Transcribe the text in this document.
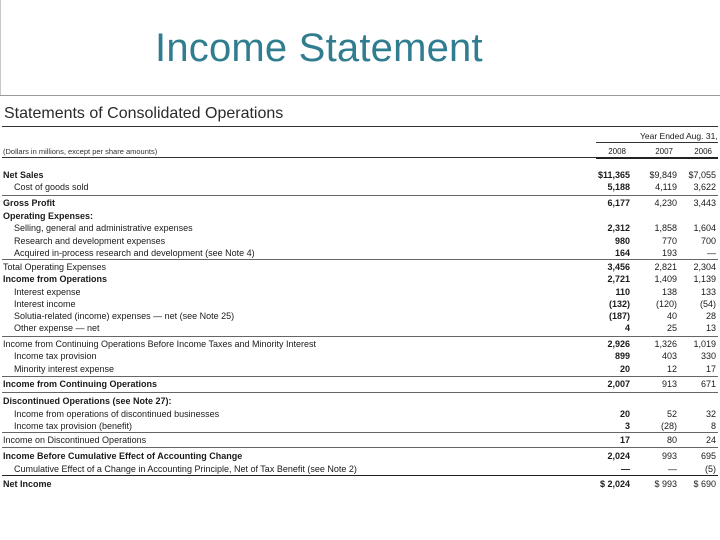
Income Statement
Statements of Consolidated Operations
Year Ended Aug. 31,
(Dollars in millions, except per share amounts)	2008	2007	2006
Net Sales	$11,365	$9,849	$7,055
Cost of goods sold	5,188	4,119	3,622
Gross Profit	6,177	4,230	3,443
Operating Expenses:
Selling, general and administrative expenses	2,312	1,858	1,604
Research and development expenses	980	770	700
Acquired in-process research and development (see Note 4)	164	193	—
Total Operating Expenses	3,456	2,821	2,304
Income from Operations	2,721	1,409	1,139
Interest expense	110	138	133
Interest income	(132)	(120)	(54)
Solutia-related (income) expenses — net (see Note 25)	(187)	40	28
Other expense — net	4	25	13
Income from Continuing Operations Before Income Taxes and Minority Interest	2,926	1,326	1,019
Income tax provision	899	403	330
Minority interest expense	20	12	17
Income from Continuing Operations	2,007	913	671
Discontinued Operations (see Note 27):
Income from operations of discontinued businesses	20	52	32
Income tax provision (benefit)	3	(28)	8
Income on Discontinued Operations	17	80	24
Income Before Cumulative Effect of Accounting Change	2,024	993	695
Cumulative Effect of a Change in Accounting Principle, Net of Tax Benefit (see Note 2)	—	—	(5)
Net Income	$ 2,024	$ 993	$ 690
